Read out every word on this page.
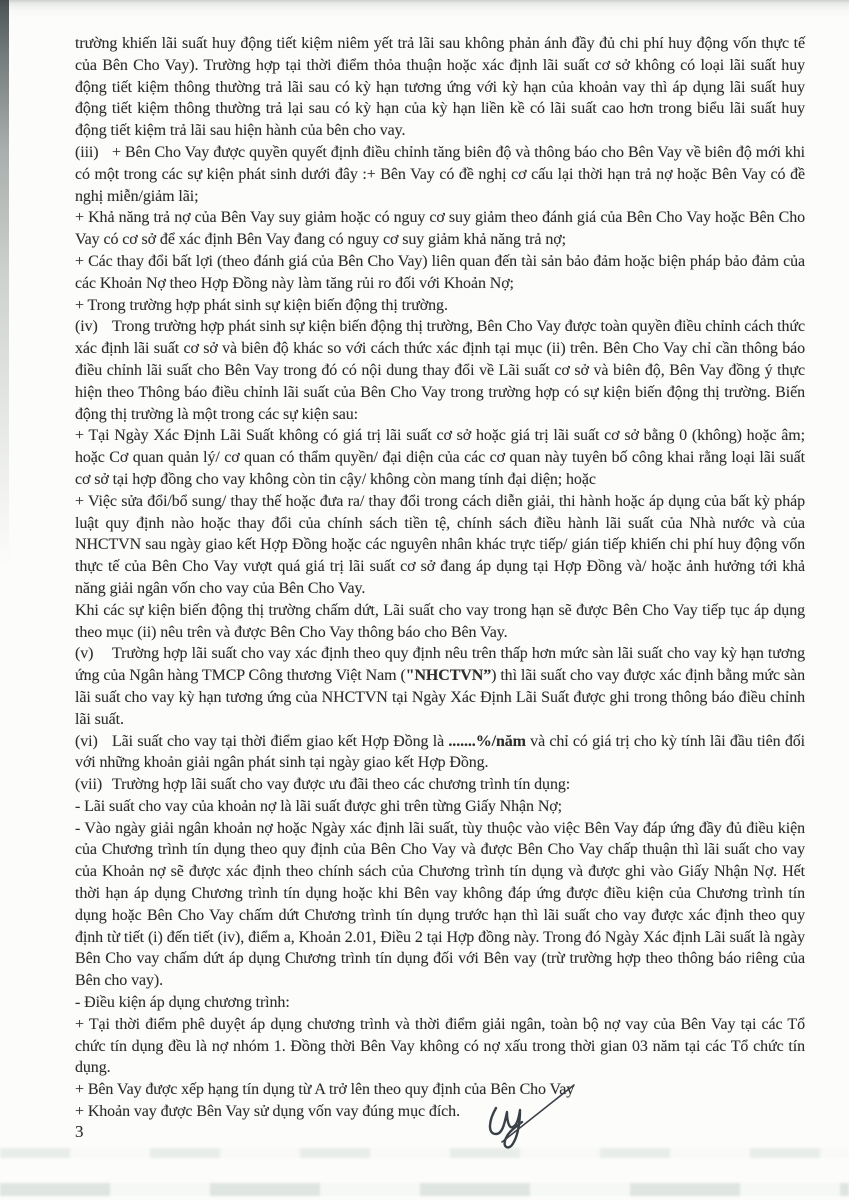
trường khiến lãi suất huy động tiết kiệm niêm yết trả lãi sau không phản ánh đầy đủ chi phí huy động vốn thực tế của Bên Cho Vay). Trường hợp tại thời điểm thỏa thuận hoặc xác định lãi suất cơ sở không có loại lãi suất huy động tiết kiệm thông thường trả lãi sau có kỳ hạn tương ứng với kỳ hạn của khoản vay thì áp dụng lãi suất huy động tiết kiệm thông thường trả lại sau có kỳ hạn của kỳ hạn liền kề có lãi suất cao hơn trong biểu lãi suất huy động tiết kiệm trả lãi sau hiện hành của bên cho vay.
(iii) + Bên Cho Vay được quyền quyết định điều chỉnh tăng biên độ và thông báo cho Bên Vay về biên độ mới khi có một trong các sự kiện phát sinh dưới đây :+ Bên Vay có đề nghị cơ cấu lại thời hạn trả nợ hoặc Bên Vay có đề nghị miễn/giảm lãi;
+ Khả năng trả nợ của Bên Vay suy giảm hoặc có nguy cơ suy giảm theo đánh giá của Bên Cho Vay hoặc Bên Cho Vay có cơ sở để xác định Bên Vay đang có nguy cơ suy giảm khả năng trả nợ;
+ Các thay đổi bất lợi (theo đánh giá của Bên Cho Vay) liên quan đến tài sản bảo đảm hoặc biện pháp bảo đảm của các Khoản Nợ theo Hợp Đồng này làm tăng rủi ro đối với Khoản Nợ;
+ Trong trường hợp phát sinh sự kiện biến động thị trường.
(iv) Trong trường hợp phát sinh sự kiện biến động thị trường, Bên Cho Vay được toàn quyền điều chỉnh cách thức xác định lãi suất cơ sở và biên độ khác so với cách thức xác định tại mục (ii) trên. Bên Cho Vay chỉ cần thông báo điều chỉnh lãi suất cho Bên Vay trong đó có nội dung thay đổi về Lãi suất cơ sở và biên độ, Bên Vay đồng ý thực hiện theo Thông báo điều chỉnh lãi suất của Bên Cho Vay trong trường hợp có sự kiện biến động thị trường. Biến động thị trường là một trong các sự kiện sau:
+ Tại Ngày Xác Định Lãi Suất không có giá trị lãi suất cơ sở hoặc giá trị lãi suất cơ sở bằng 0 (không) hoặc âm; hoặc Cơ quan quản lý/ cơ quan có thẩm quyền/ đại diện của các cơ quan này tuyên bố công khai rằng loại lãi suất cơ sở tại hợp đồng cho vay không còn tin cậy/ không còn mang tính đại diện; hoặc
+ Việc sửa đổi/bổ sung/ thay thế hoặc đưa ra/ thay đổi trong cách diễn giải, thi hành hoặc áp dụng của bất kỳ pháp luật quy định nào hoặc thay đổi của chính sách tiền tệ, chính sách điều hành lãi suất của Nhà nước và của NHCTVN sau ngày giao kết Hợp Đồng hoặc các nguyên nhân khác trực tiếp/ gián tiếp khiến chi phí huy động vốn thực tế của Bên Cho Vay vượt quá giá trị lãi suất cơ sở đang áp dụng tại Hợp Đồng và/ hoặc ảnh hưởng tới khả năng giải ngân vốn cho vay của Bên Cho Vay.
Khi các sự kiện biến động thị trường chấm dứt, Lãi suất cho vay trong hạn sẽ được Bên Cho Vay tiếp tục áp dụng theo mục (ii) nêu trên và được Bên Cho Vay thông báo cho Bên Vay.
(v) Trường hợp lãi suất cho vay xác định theo quy định nêu trên thấp hơn mức sàn lãi suất cho vay kỳ hạn tương ứng của Ngân hàng TMCP Công thương Việt Nam ("NHCTVN”) thì lãi suất cho vay được xác định bằng mức sàn lãi suất cho vay kỳ hạn tương ứng của NHCTVN tại Ngày Xác Định Lãi Suất được ghi trong thông báo điều chỉnh lãi suất.
(vi) Lãi suất cho vay tại thời điểm giao kết Hợp Đồng là .......%/năm và chỉ có giá trị cho kỳ tính lãi đầu tiên đối với những khoản giải ngân phát sinh tại ngày giao kết Hợp Đồng.
(vii) Trường hợp lãi suất cho vay được ưu đãi theo các chương trình tín dụng:
- Lãi suất cho vay của khoản nợ là lãi suất được ghi trên từng Giấy Nhận Nợ;
- Vào ngày giải ngân khoản nợ hoặc Ngày xác định lãi suất, tùy thuộc vào việc Bên Vay đáp ứng đầy đủ điều kiện của Chương trình tín dụng theo quy định của Bên Cho Vay và được Bên Cho Vay chấp thuận thì lãi suất cho vay của Khoản nợ sẽ được xác định theo chính sách của Chương trình tín dụng và được ghi vào Giấy Nhận Nợ. Hết thời hạn áp dụng Chương trình tín dụng hoặc khi Bên vay không đáp ứng được điều kiện của Chương trình tín dụng hoặc Bên Cho Vay chấm dứt Chương trình tín dụng trước hạn thì lãi suất cho vay được xác định theo quy định từ tiết (i) đến tiết (iv), điểm a, Khoản 2.01, Điều 2 tại Hợp đồng này. Trong đó Ngày Xác định Lãi suất là ngày Bên Cho vay chấm dứt áp dụng Chương trình tín dụng đối với Bên vay (trừ trường hợp theo thông báo riêng của Bên cho vay).
- Điều kiện áp dụng chương trình:
+ Tại thời điểm phê duyệt áp dụng chương trình và thời điểm giải ngân, toàn bộ nợ vay của Bên Vay tại các Tổ chức tín dụng đều là nợ nhóm 1. Đồng thời Bên Vay không có nợ xấu trong thời gian 03 năm tại các Tổ chức tín dụng.
+ Bên Vay được xếp hạng tín dụng từ A trở lên theo quy định của Bên Cho Vay
+ Khoản vay được Bên Vay sử dụng vốn vay đúng mục đích.
3
